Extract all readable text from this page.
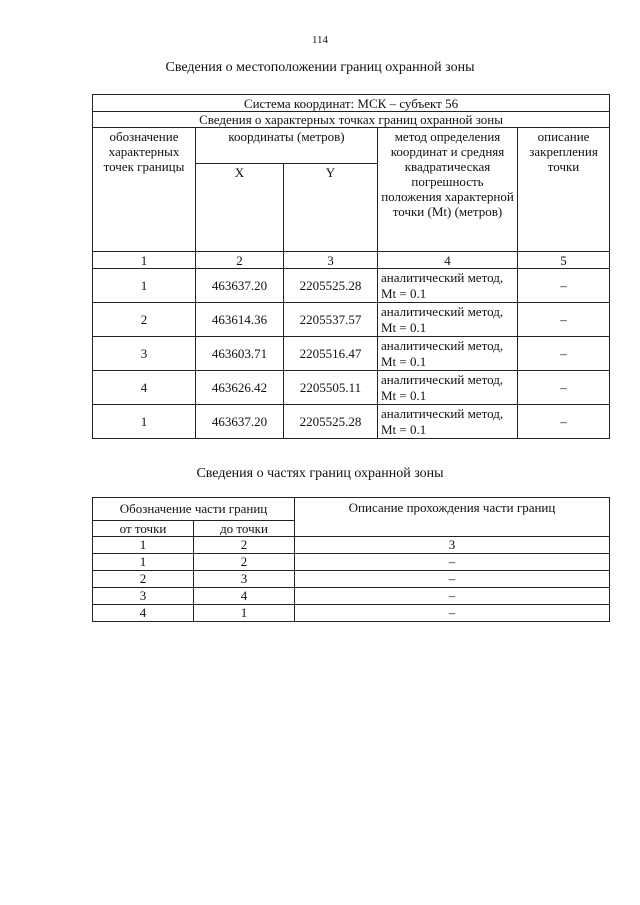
114
Сведения о местоположении границ охранной зоны
Система координат: МСК – субъект 56				
Сведения о характерных точках границ охранной зоны				
обозначение характерных точек границы	координаты (метров)		метод определения координат и средняя квадратическая погрешность положения характерной точки (Mt) (метров)	описание закрепления точки
	X	Y		
1	2	3	4	5
1	463637.20	2205525.28	аналитический метод, Mt = 0.1	–
2	463614.36	2205537.57	аналитический метод, Mt = 0.1	–
3	463603.71	2205516.47	аналитический метод, Mt = 0.1	–
4	463626.42	2205505.11	аналитический метод, Mt = 0.1	–
1	463637.20	2205525.28	аналитический метод, Mt = 0.1	–
Сведения о частях границ охранной зоны
Обозначение части границ		Описание прохождения части границ
от точки	до точки	
1	2	3
1	2	–
2	3	–
3	4	–
4	1	–
